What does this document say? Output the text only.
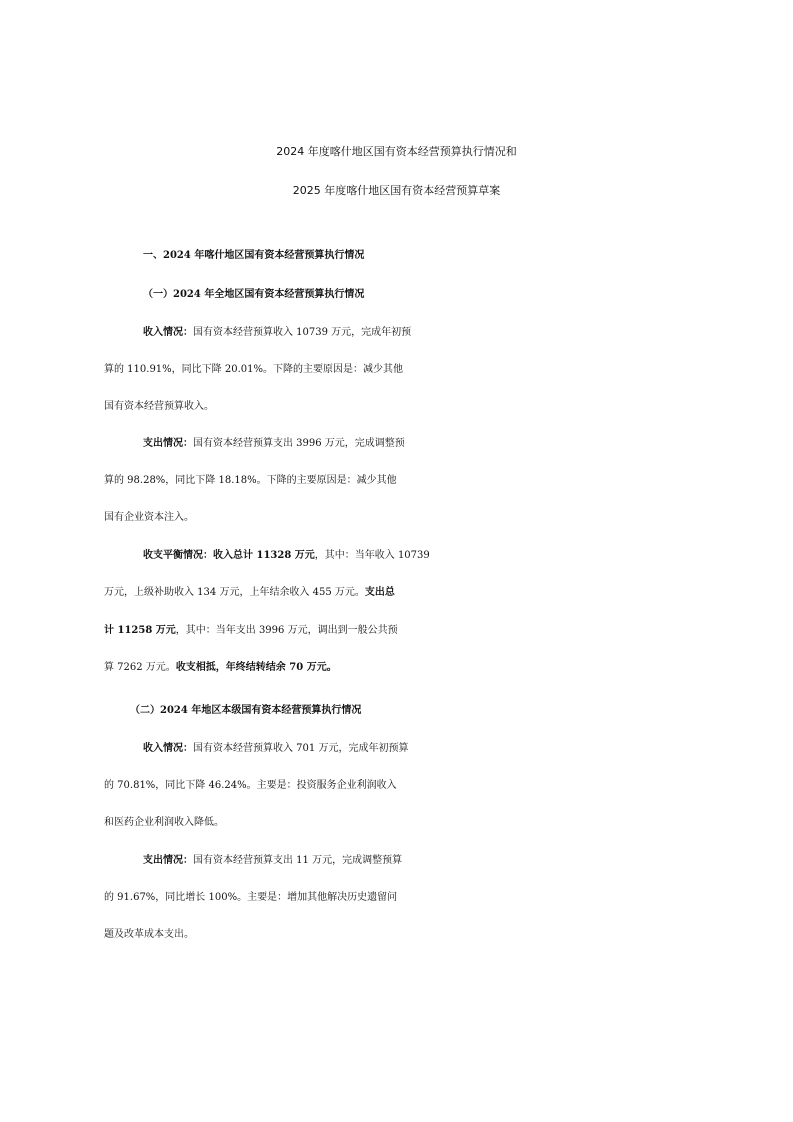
2024 年度喀什地区国有资本经营预算执行情况和
2025 年度喀什地区国有资本经营预算草案
一、2024 年喀什地区国有资本经营预算执行情况
（一）2024 年全地区国有资本经营预算执行情况
收入情况：国有资本经营预算收入 10739 万元，完成年初预
算的 110.91%，同比下降 20.01%。下降的主要原因是：减少其他
国有资本经营预算收入。
支出情况：国有资本经营预算支出 3996 万元，完成调整预
算的 98.28%，同比下降 18.18%。下降的主要原因是：减少其他
国有企业资本注入。
收支平衡情况：收入总计 11328 万元，其中：当年收入 10739
万元，上级补助收入 134 万元，上年结余收入 455 万元。支出总
计 11258 万元，其中：当年支出 3996 万元，调出到一般公共预
算 7262 万元。收支相抵，年终结转结余 70 万元。
（二）2024 年地区本级国有资本经营预算执行情况
收入情况：国有资本经营预算收入 701 万元，完成年初预算
的 70.81%，同比下降 46.24%。主要是：投资服务企业利润收入
和医药企业利润收入降低。
支出情况：国有资本经营预算支出 11 万元，完成调整预算
的 91.67%，同比增长 100%。主要是：增加其他解决历史遗留问
题及改革成本支出。
